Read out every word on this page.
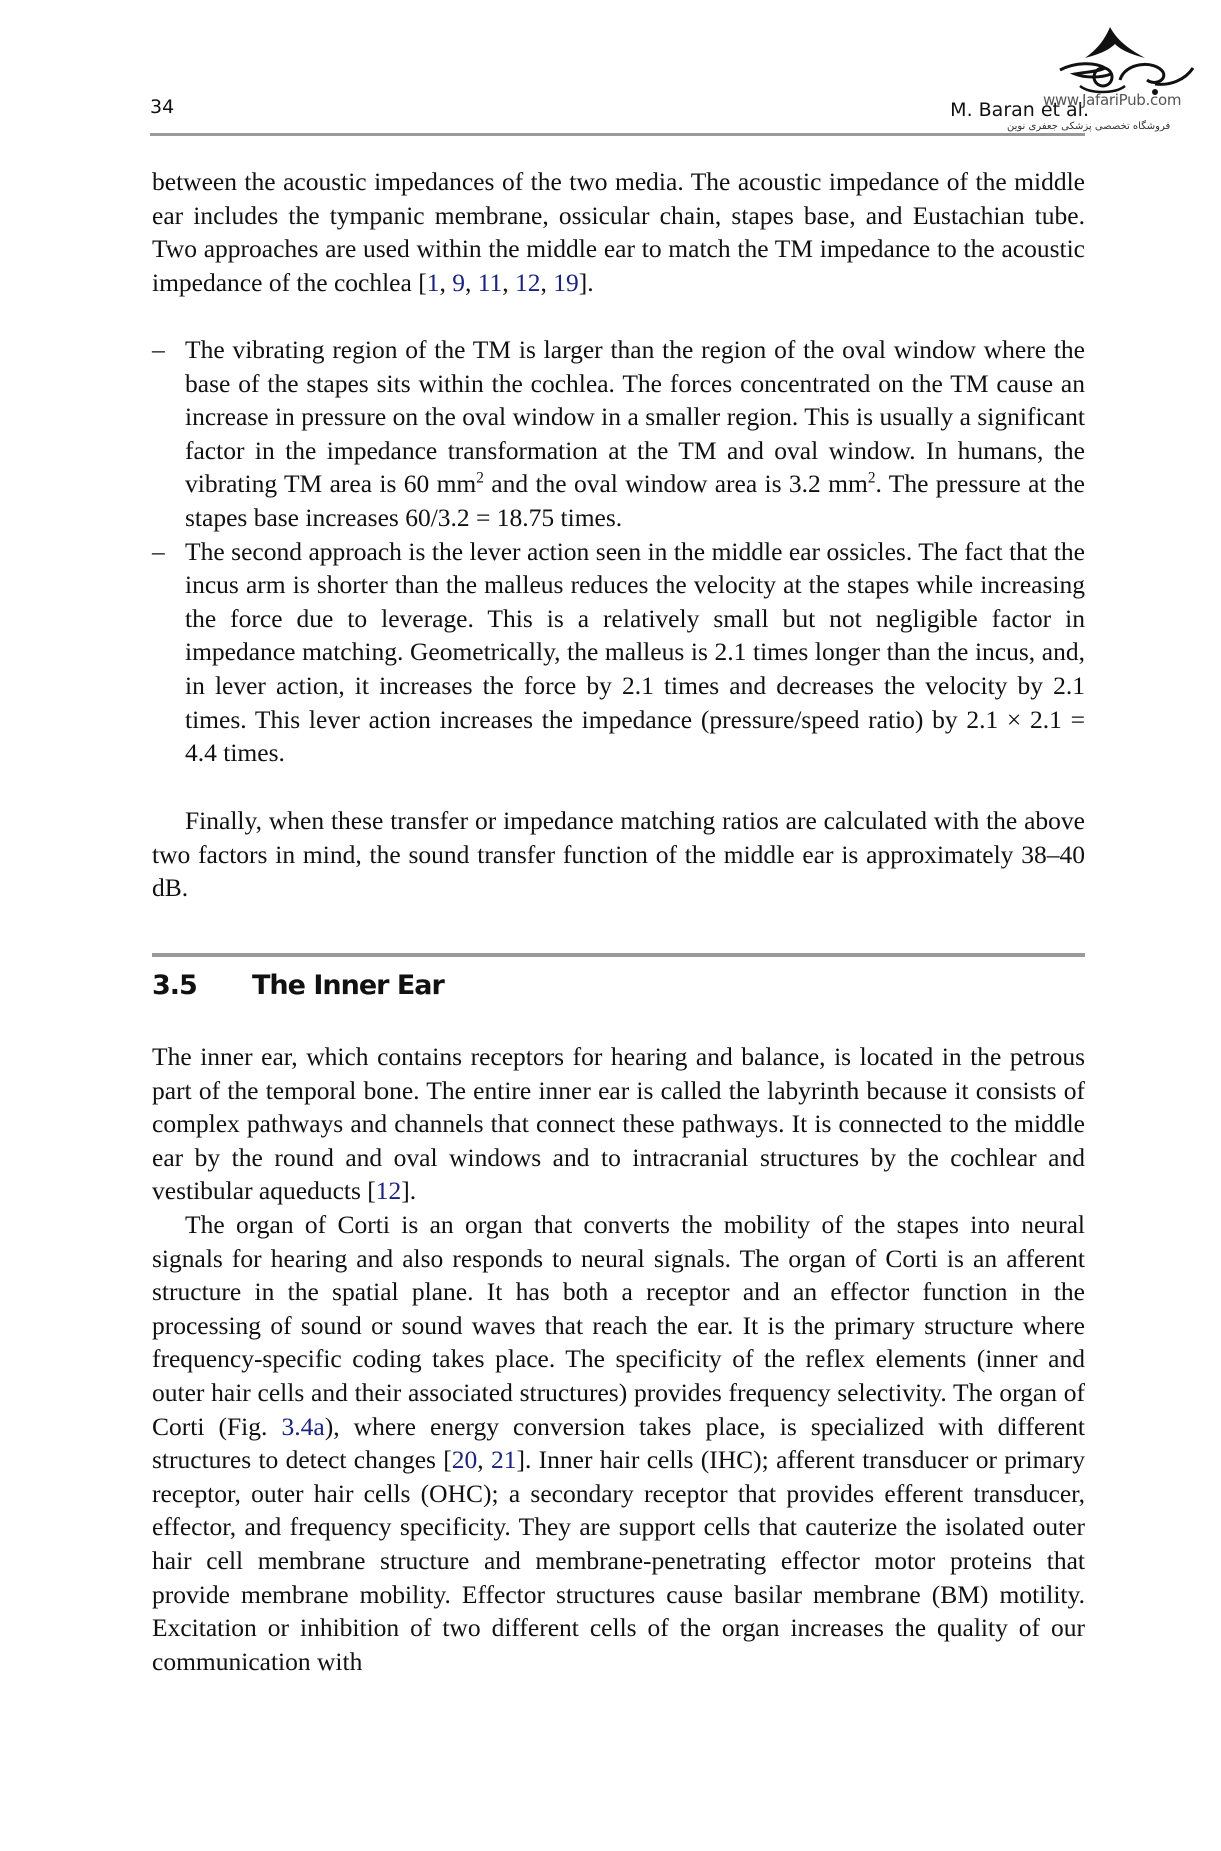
34	M. Baran et al.
www.JafariPub.com
فروشگاه تخصصی پزشکی جعفری نوین

between the acoustic impedances of the two media. The acoustic impedance of the middle ear includes the tympanic membrane, ossicular chain, stapes base, and Eustachian tube. Two approaches are used within the middle ear to match the TM impedance to the acoustic impedance of the cochlea [1, 9, 11, 12, 19].

– The vibrating region of the TM is larger than the region of the oval window where the base of the stapes sits within the cochlea. The forces concentrated on the TM cause an increase in pressure on the oval window in a smaller region. This is usually a significant factor in the impedance transformation at the TM and oval window. In humans, the vibrating TM area is 60 $mm^2$ and the oval window area is 3.2 $mm^2$. The pressure at the stapes base increases 60/3.2 = 18.75 times.
– The second approach is the lever action seen in the middle ear ossicles. The fact that the incus arm is shorter than the malleus reduces the velocity at the stapes while increasing the force due to leverage. This is a relatively small but not negligible factor in impedance matching. Geometrically, the malleus is 2.1 times longer than the incus, and, in lever action, it increases the force by 2.1 times and decreases the velocity by 2.1 times. This lever action increases the impedance (pressure/speed ratio) by 2.1 × 2.1 = 4.4 times.

Finally, when these transfer or impedance matching ratios are calculated with the above two factors in mind, the sound transfer function of the middle ear is approximately 38–40 dB.

3.5 The Inner Ear

The inner ear, which contains receptors for hearing and balance, is located in the petrous part of the temporal bone. The entire inner ear is called the labyrinth because it consists of complex pathways and channels that connect these pathways. It is connected to the middle ear by the round and oval windows and to intracranial structures by the cochlear and vestibular aqueducts [12].

The organ of Corti is an organ that converts the mobility of the stapes into neural signals for hearing and also responds to neural signals. The organ of Corti is an afferent structure in the spatial plane. It has both a receptor and an effector function in the processing of sound or sound waves that reach the ear. It is the primary structure where frequency-specific coding takes place. The specificity of the reflex elements (inner and outer hair cells and their associated structures) provides frequency selectivity. The organ of Corti (Fig. 3.4a), where energy conversion takes place, is specialized with different structures to detect changes [20, 21]. Inner hair cells (IHC); afferent transducer or primary receptor, outer hair cells (OHC); a secondary receptor that provides efferent transducer, effector, and frequency specificity. They are support cells that cauterize the isolated outer hair cell membrane structure and membrane-penetrating effector motor proteins that provide membrane mobility. Effector structures cause basilar membrane (BM) motility. Excitation or inhibition of two different cells of the organ increases the quality of our communication with
